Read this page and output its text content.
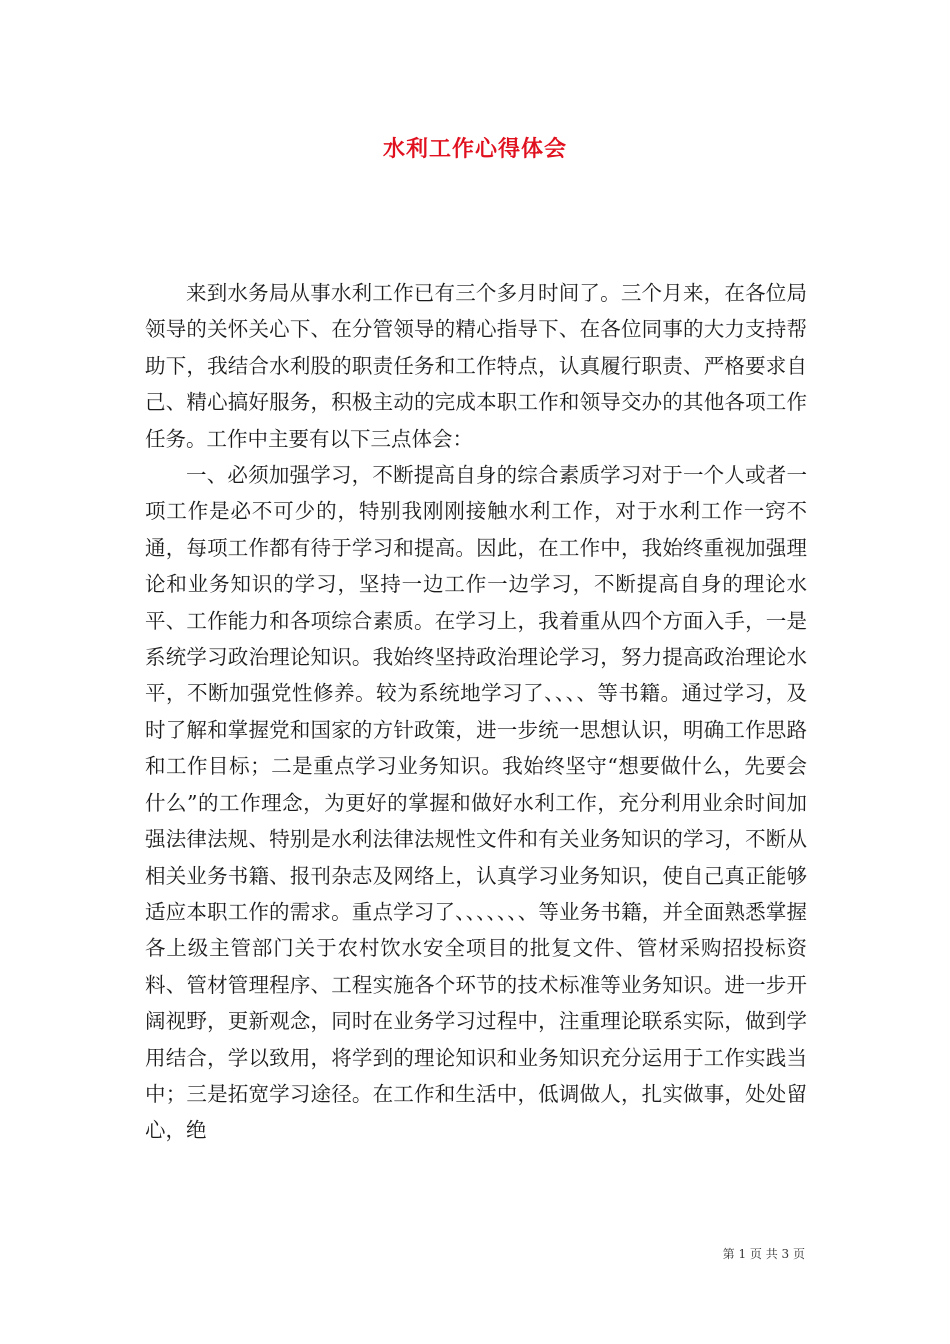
水利工作心得体会

来到水务局从事水利工作已有三个多月时间了。三个月来，在各位局领导的关怀关心下、在分管领导的精心指导下、在各位同事的大力支持帮助下，我结合水利股的职责任务和工作特点，认真履行职责、严格要求自己、精心搞好服务，积极主动的完成本职工作和领导交办的其他各项工作任务。工作中主要有以下三点体会：

一、必须加强学习，不断提高自身的综合素质学习对于一个人或者一项工作是必不可少的，特别我刚刚接触水利工作，对于水利工作一窍不通，每项工作都有待于学习和提高。因此，在工作中，我始终重视加强理论和业务知识的学习，坚持一边工作一边学习，不断提高自身的理论水平、工作能力和各项综合素质。在学习上，我着重从四个方面入手，一是系统学习政治理论知识。我始终坚持政治理论学习，努力提高政治理论水平，不断加强党性修养。较为系统地学习了、、、、等书籍。通过学习，及时了解和掌握党和国家的方针政策，进一步统一思想认识，明确工作思路和工作目标；二是重点学习业务知识。我始终坚守“想要做什么，先要会什么”的工作理念，为更好的掌握和做好水利工作，充分利用业余时间加强法律法规、特别是水利法律法规性文件和有关业务知识的学习，不断从相关业务书籍、报刊杂志及网络上，认真学习业务知识，使自己真正能够适应本职工作的需求。重点学习了、、、、、、、等业务书籍，并全面熟悉掌握各上级主管部门关于农村饮水安全项目的批复文件、管材采购招投标资料、管材管理程序、工程实施各个环节的技术标准等业务知识。进一步开阔视野，更新观念，同时在业务学习过程中，注重理论联系实际，做到学用结合，学以致用，将学到的理论知识和业务知识充分运用于工作实践当中；三是拓宽学习途径。在工作和生活中，低调做人，扎实做事，处处留心，绝

第 1 页 共 3 页
